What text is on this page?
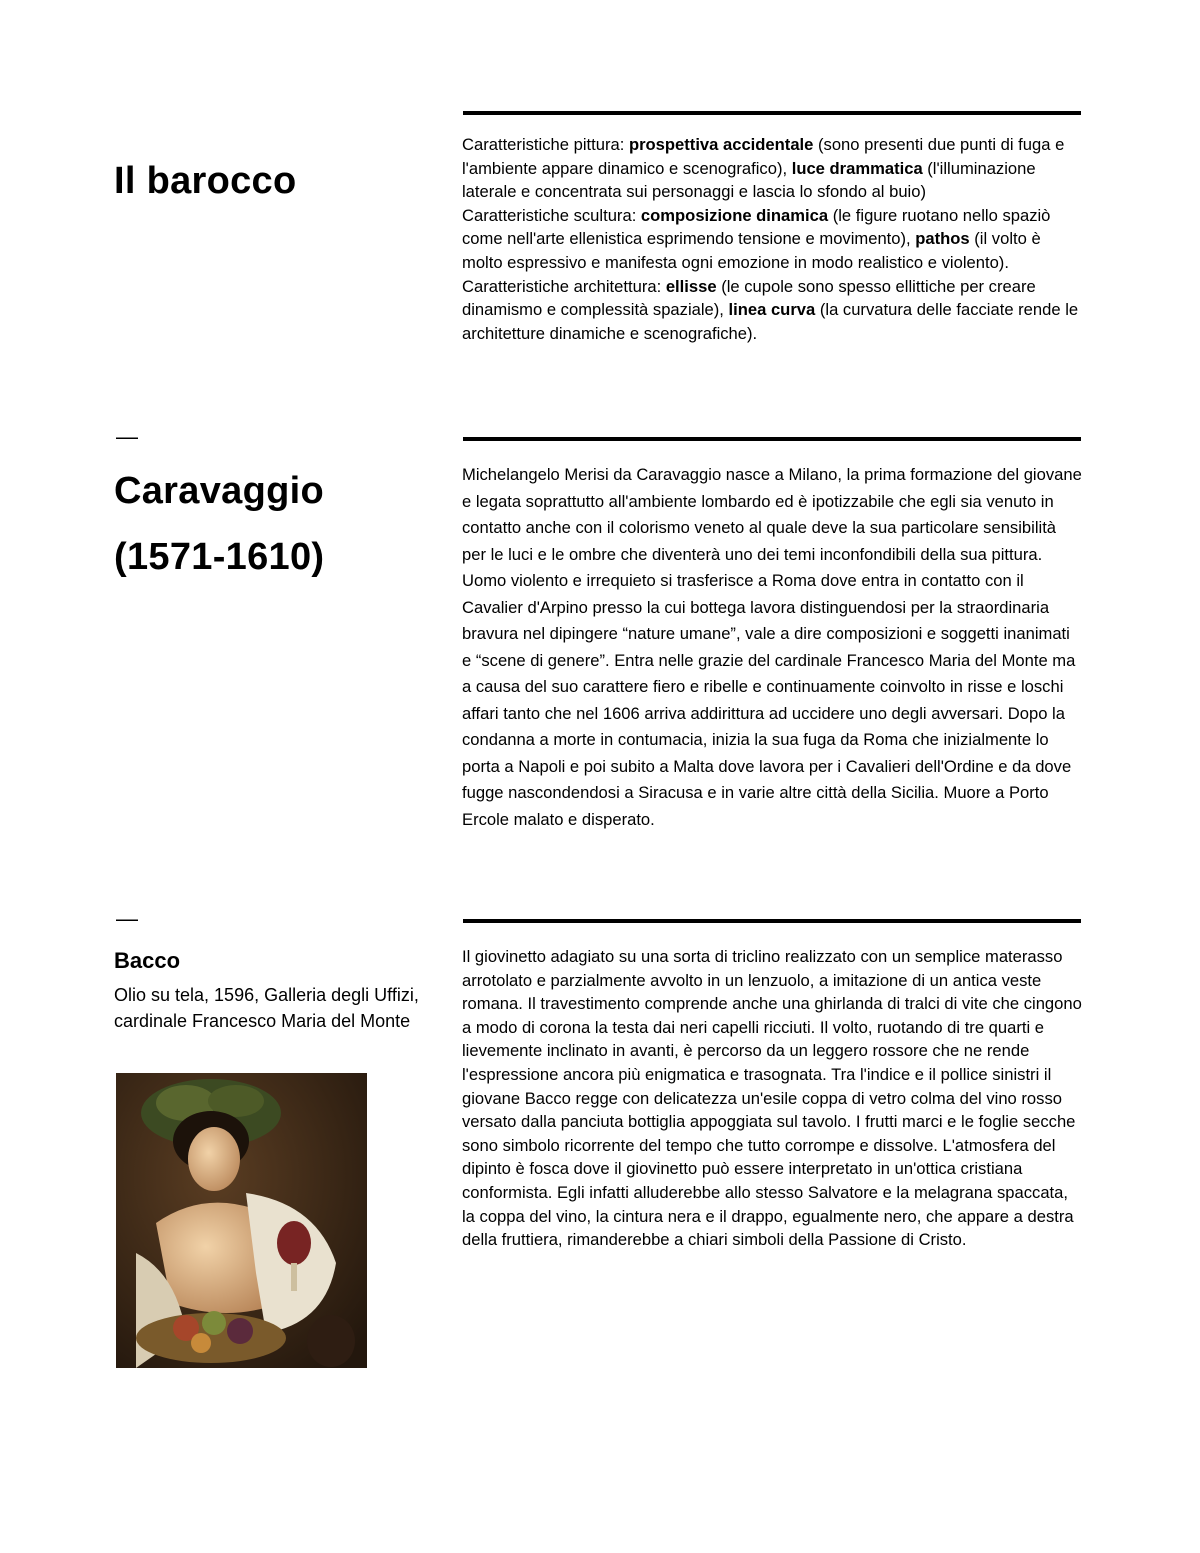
Il barocco

Caratteristiche pittura: prospettiva accidentale (sono presenti due punti di fuga e l'ambiente appare dinamico e scenografico), luce drammatica (l'illuminazione laterale e concentrata sui personaggi e lascia lo sfondo al buio)

Caratteristiche scultura: composizione dinamica (le figure ruotano nello spaziò come nell'arte ellenistica esprimendo tensione e movimento), pathos (il volto è molto espressivo e manifesta ogni emozione in modo realistico e violento).

Caratteristiche architettura: ellisse (le cupole sono spesso ellittiche per creare dinamismo e complessità spaziale), linea curva (la curvatura delle facciate rende le architetture dinamiche e scenografiche).

—
Caravaggio
(1571-1610)
Michelangelo Merisi da Caravaggio nasce a Milano, la prima formazione del giovane e legata soprattutto all'ambiente lombardo ed è ipotizzabile che egli sia venuto in contatto anche con il colorismo veneto al quale deve la sua particolare sensibilità per le luci e le ombre che diventerà uno dei temi inconfondibili della sua pittura. Uomo violento e irrequieto si trasferisce a Roma dove entra in contatto con il Cavalier d'Arpino presso la cui bottega lavora distinguendosi per la straordinaria bravura nel dipingere “nature umane”, vale a dire composizioni e soggetti inanimati e “scene di genere”. Entra nelle grazie del cardinale Francesco Maria del Monte ma a causa del suo carattere fiero e ribelle e continuamente coinvolto in risse e loschi affari tanto che nel 1606 arriva addirittura ad uccidere uno degli avversari. Dopo la condanna a morte in contumacia, inizia la sua fuga da Roma che inizialmente lo porta a Napoli e poi subito a Malta dove lavora per i Cavalieri dell'Ordine e da dove fugge nascondendosi a Siracusa e in varie altre città della Sicilia. Muore a Porto Ercole malato e disperato.
—
Bacco
Olio su tela, 1596, Galleria degli Uffizi, cardinale Francesco Maria del Monte
Il giovinetto adagiato su una sorta di triclino realizzato con un semplice materasso arrotolato e parzialmente avvolto in un lenzuolo, a imitazione di un antica veste romana. Il travestimento comprende anche una ghirlanda di tralci di vite che cingono a modo di corona la testa dai neri capelli ricciuti. Il volto, ruotando di tre quarti e lievemente inclinato in avanti, è percorso da un leggero rossore che ne rende l'espressione ancora più enigmatica e trasognata. Tra l'indice e il pollice sinistri il giovane Bacco regge con delicatezza un'esile coppa di vetro colma del vino rosso versato dalla panciuta bottiglia appoggiata sul tavolo. I frutti marci e le foglie secche sono simbolo ricorrente del tempo che tutto corrompe e dissolve. L'atmosfera del dipinto è fosca dove il giovinetto può essere interpretato in un'ottica cristiana conformista. Egli infatti alluderebbe allo stesso Salvatore e la melagrana spaccata, la coppa del vino, la cintura nera e il drappo, egualmente nero, che appare a destra della fruttiera, rimanderebbe a chiari simboli della Passione di Cristo.
